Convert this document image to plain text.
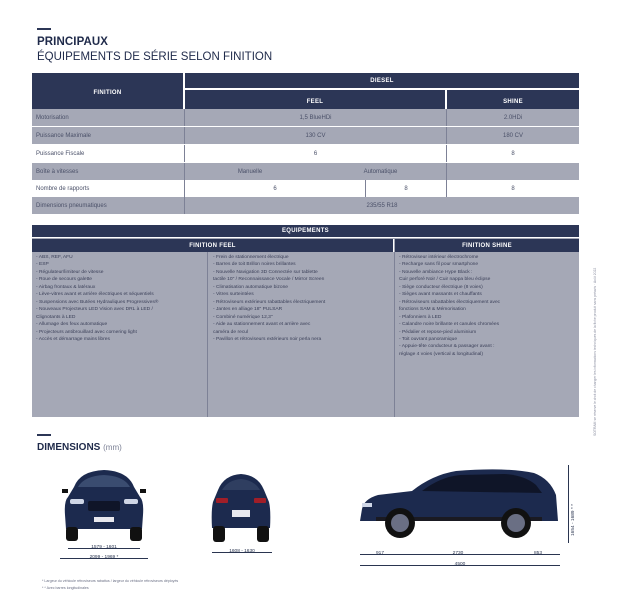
PRINCIPAUX
ÉQUIPEMENTS DE SÉRIE SELON FINITION
FINITION
DIESEL
FEEL	SHINE
Motorisation	1,5 BlueHDi	2.0HDi
Puissance Maximale	130 CV	180 CV
Puissance Fiscale	6	8
Boîte à vitesses	Manuelle	Automatique
Nombre de rapports	6	8	8
Dimensions pneumatiques	235/55 R18
EQUIPEMENTS
FINITION FEEL	FINITION SHINE
- ABS, REF, AFU
- ESP
- Régulateur/limiteur de vitesse
- Roue de secours galette
- Airbag frontaux & latéraux
- Lève-vitres avant et arrière électriques et séquentiels
- Suspensions avec Butées Hydrauliques Progressives®
- Nouveaux Projecteurs LED Vision avec DRL à LED /
Clignotants à LED
- Allumage des feux automatique
- Projecteurs antibrouillard avec cornering light
- Accès et démarrage mains libres
- Frein de stationnement électrique
- Barres de toit Brillon noires brillantes
- Nouvelle Navigation 3D Connectée sur tablette
tactile 10" / Reconnaissance Vocale / Mirror Screen
- Climatisation automatique bizone
- Vitres surteintées
- Rétroviseurs extérieurs rabattables électriquement
- Jantes en alliage 18" PULSAR
- Combiné numérique 12,3"
- Aide au stationnement avant et arrière avec
caméra de recul
- Pavillon et rétroviseurs extérieurs noir perla nera
- Rétroviseur intérieur électrochrome
- Recharge sans fil pour smartphone
- Nouvelle ambiance Hype Black :
Cuir perforé Noir / Cuir nappa bleu éclipse
- Siège conducteur électrique (8 voies)
- Sièges avant massants et chauffants
- Rétroviseurs rabattables électriquement avec
fonctions SAM & Mémorisation
- Plafonniers à LED
- Calandre noire brillante et canules chromées
- Pédalier et repose-pied aluminium
- Toit ouvrant panoramique
- Appuie-tête conducteur & passager avant :
réglage 4 voies (vertical & longitudinal)	SOTRAM se réserve le droit de changer les informations techniques de la fiche produit sans préavis · Août 2022
DIMENSIONS (mm)
1579 - 1601
2099 - 1969 *
1608 - 1630	917	2730	853
4500
1654 - 1689 * *
* Largeur du véhicule rétroviseurs rabattus / largeur du véhicule rétroviseurs déployés
* * Avec barres longitudinales
